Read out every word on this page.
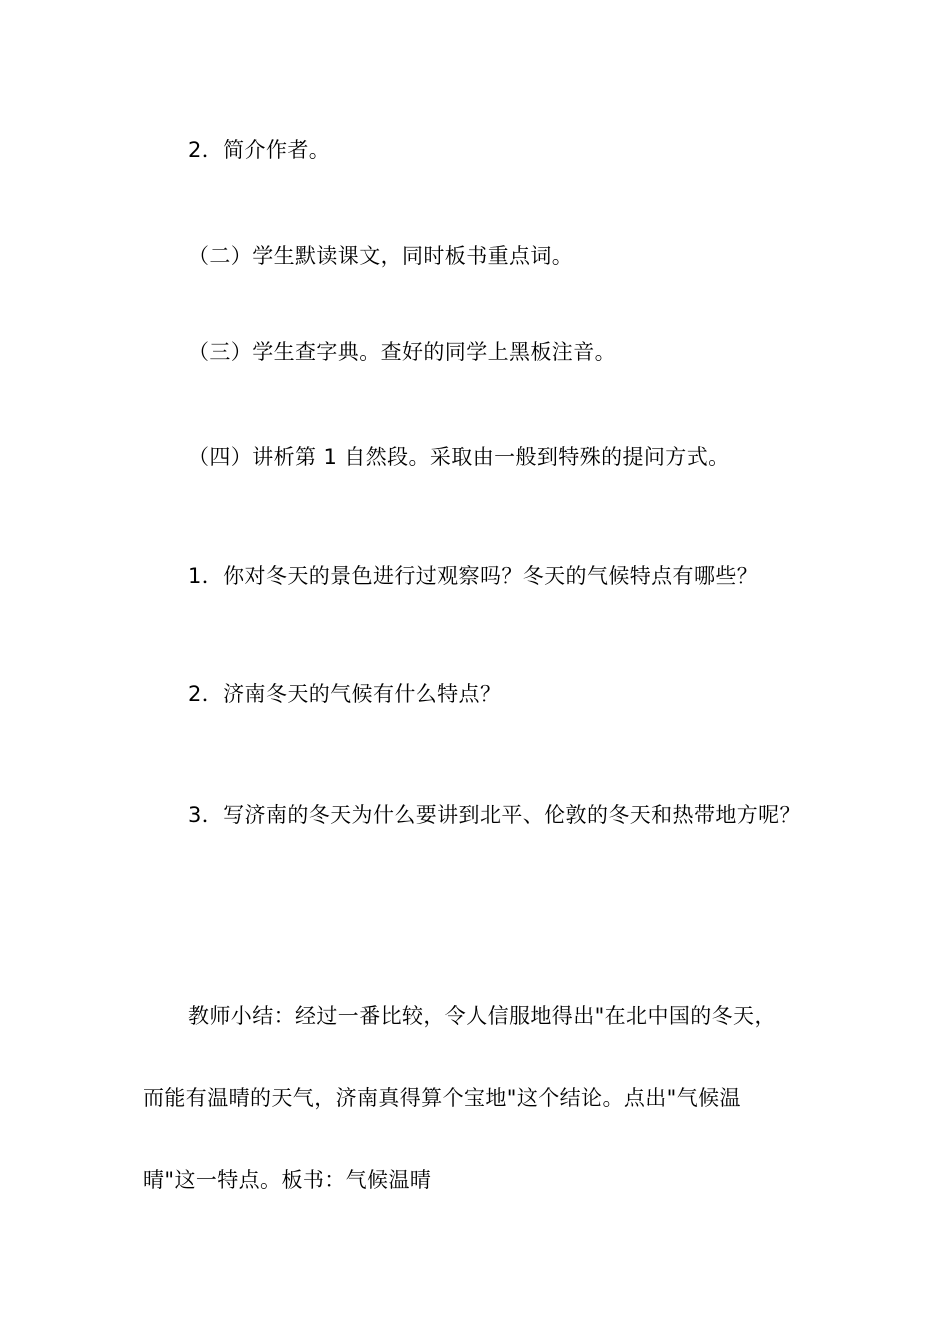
2．简介作者。
（二）学生默读课文，同时板书重点词。
（三）学生查字典。查好的同学上黑板注音。
（四）讲析第 1 自然段。采取由一般到特殊的提问方式。
1．你对冬天的景色进行过观察吗？冬天的气候特点有哪些？
2．济南冬天的气候有什么特点？
3．写济南的冬天为什么要讲到北平、伦敦的冬天和热带地方呢？
教师小结：经过一番比较，令人信服地得出"在北中国的冬天，
而能有温晴的天气，济南真得算个宝地"这个结论。点出"气候温
晴"这一特点。板书：气候温晴
